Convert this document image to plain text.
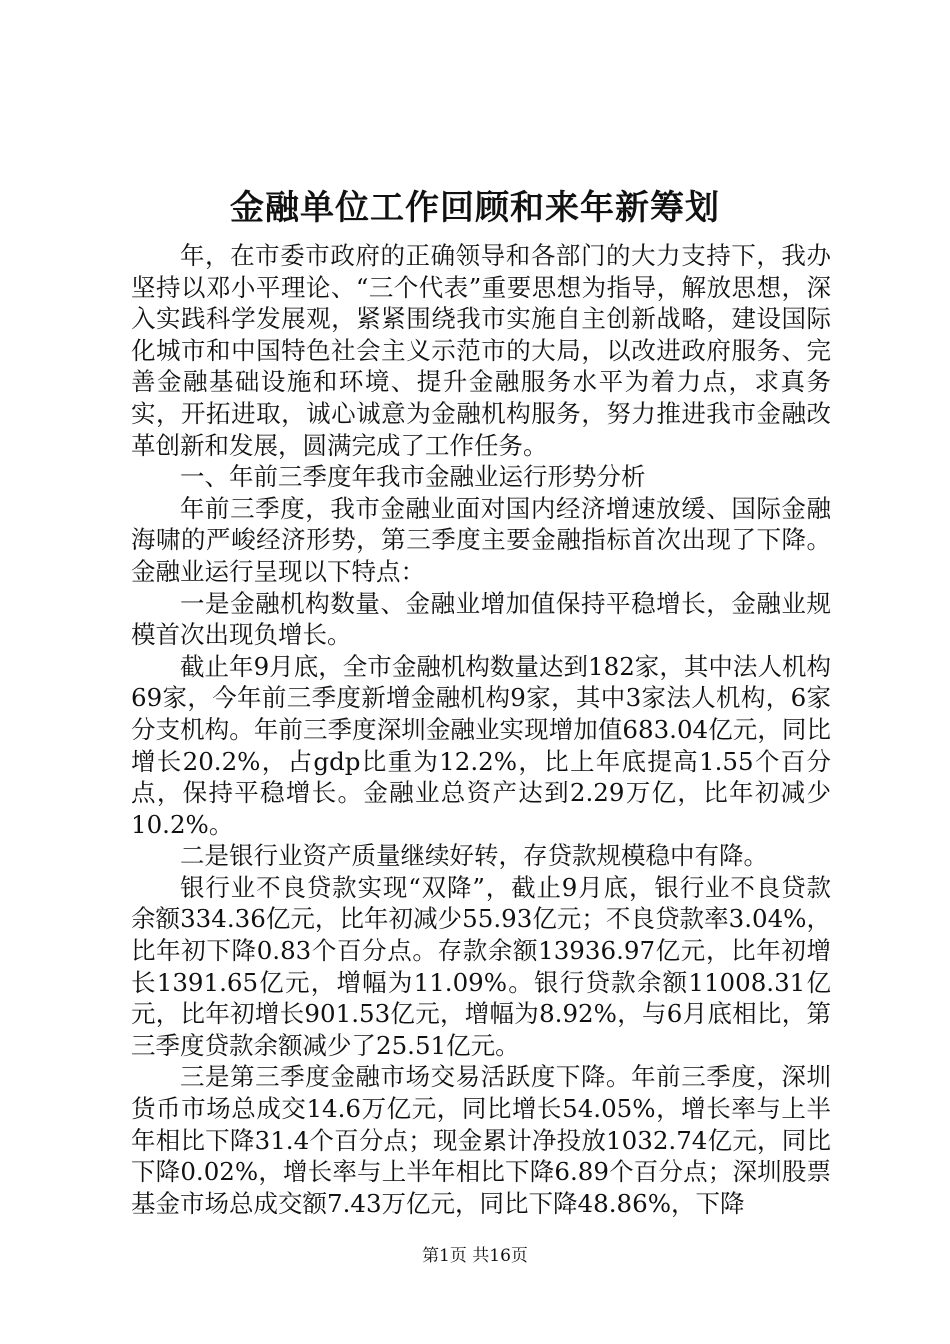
金融单位工作回顾和来年新筹划

年，在市委市政府的正确领导和各部门的大力支持下，我办坚持以邓小平理论、“三个代表”重要思想为指导，解放思想，深入实践科学发展观，紧紧围绕我市实施自主创新战略，建设国际化城市和中国特色社会主义示范市的大局，以改进政府服务、完善金融基础设施和环境、提升金融服务水平为着力点，求真务实，开拓进取，诚心诚意为金融机构服务，努力推进我市金融改革创新和发展，圆满完成了工作任务。

一、年前三季度年我市金融业运行形势分析

年前三季度，我市金融业面对国内经济增速放缓、国际金融海啸的严峻经济形势，第三季度主要金融指标首次出现了下降。金融业运行呈现以下特点：

一是金融机构数量、金融业增加值保持平稳增长，金融业规模首次出现负增长。

截止年9月底，全市金融机构数量达到182家，其中法人机构69家，今年前三季度新增金融机构9家，其中3家法人机构，6家分支机构。年前三季度深圳金融业实现增加值683.04亿元，同比增长20.2%，占gdp比重为12.2%，比上年底提高1.55个百分点，保持平稳增长。金融业总资产达到2.29万亿，比年初减少10.2%。

二是银行业资产质量继续好转，存贷款规模稳中有降。

银行业不良贷款实现“双降”，截止9月底，银行业不良贷款余额334.36亿元，比年初减少55.93亿元；不良贷款率3.04%，比年初下降0.83个百分点。存款余额13936.97亿元，比年初增长1391.65亿元，增幅为11.09%。银行贷款余额11008.31亿元，比年初增长901.53亿元，增幅为8.92%，与6月底相比，第三季度贷款余额减少了25.51亿元。

三是第三季度金融市场交易活跃度下降。年前三季度，深圳货币市场总成交14.6万亿元，同比增长54.05%，增长率与上半年相比下降31.4个百分点；现金累计净投放1032.74亿元，同比下降0.02%，增长率与上半年相比下降6.89个百分点；深圳股票基金市场总成交额7.43万亿元，同比下降48.86%，下降

第1页 共16页
